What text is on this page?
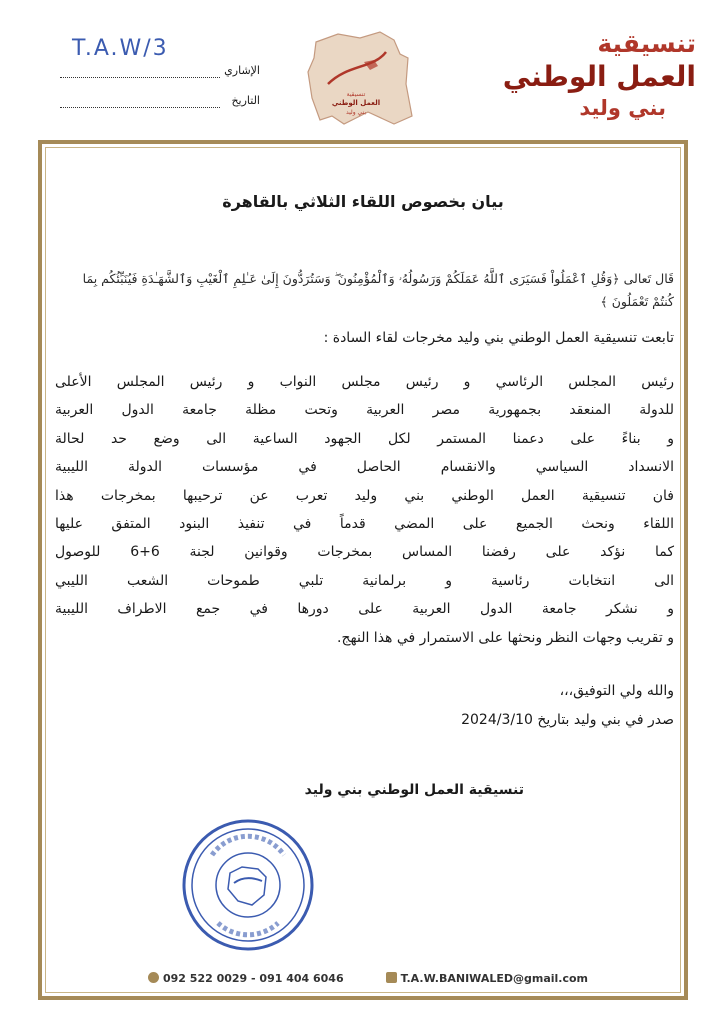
تنسيقية
العمل الوطني
بني وليد
تنسيقية
العمل الوطني
بني وليد
الإشاري
T.A.W/3
التاريخ
بيان بخصوص اللقاء الثلاثي بالقاهرة
قَال تَعالى ﴿وَقُلِ ٱعْمَلُواْ فَسَيَرَى ٱللَّهُ عَمَلَكُمْ وَرَسُولُهُۥ وَٱلْمُؤْمِنُونَ ۖ وَسَتُرَدُّونَ إِلَىٰ عَـٰلِمِ ٱلْغَيْبِ وَٱلشَّهَـٰدَةِ فَيُنَبِّئُكُم بِمَا كُنتُمْ تَعْمَلُونَ ﴾
تابعت تنسيقية العمل الوطني بني وليد مخرجات لقاء السادة :

رئيس المجلس الرئاسي و رئيس مجلس النواب و رئيس المجلس الأعلى

للدولة المنعقد بجمهورية مصر العربية وتحت مظلة جامعة الدول العربية

و بناءً على دعمنا المستمر لكل الجهود الساعية الى وضع حد لحالة

الانسداد السياسي والانقسام الحاصل في مؤسسات الدولة الليبية

فان تنسيقية العمل الوطني بني وليد تعرب عن ترحيبها بمخرجات هذا

اللقاء ونحث الجميع على المضي قدماً في تنفيذ البنود المتفق عليها

كما نؤكد على رفضنا المساس بمخرجات وقوانين لجنة 6+6 للوصول

الى انتخابات رئاسية و برلمانية تلبي طموحات الشعب الليبي

و نشكر جامعة الدول العربية على دورها في جمع الاطراف الليبية

و تقريب وجهات النظر ونحثها على الاستمرار في هذا النهج.

والله ولي التوفيق،،،
صدر في بني وليد بتاريخ 2024/3/10
تنسيقية العمل الوطني بني وليد
092 522 0029 - 091 404 6046	T.A.W.BANIWALED@gmail.com
